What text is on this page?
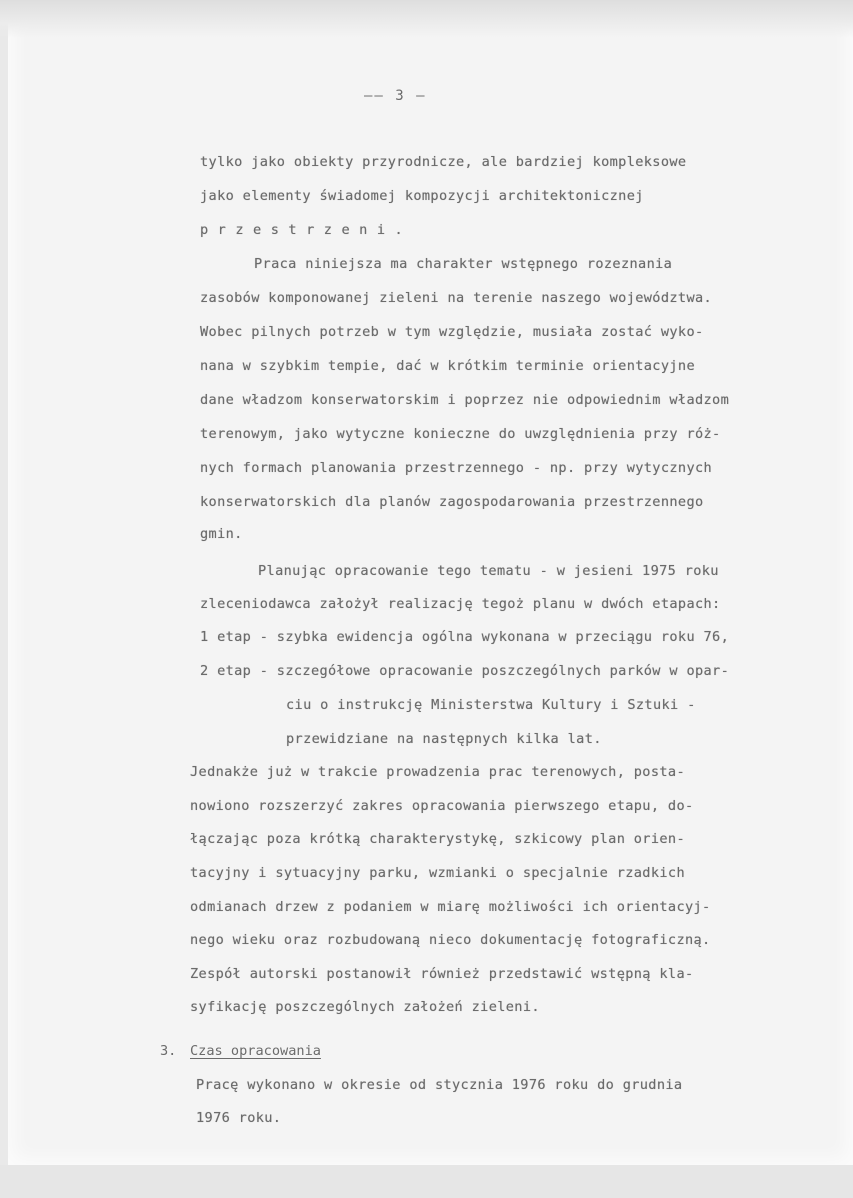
—— 3 —
tylko jako obiekty przyrodnicze, ale bardziej kompleksowe
jako elementy świadomej kompozycji architektonicznej
przestrzeni.
Praca niniejsza ma charakter wstępnego rozeznania
zasobów komponowanej zieleni na terenie naszego województwa.
Wobec pilnych potrzeb w tym względzie, musiała zostać wyko-
nana w szybkim tempie, dać w krótkim terminie orientacyjne
dane władzom konserwatorskim i poprzez nie odpowiednim władzom
terenowym, jako wytyczne konieczne do uwzględnienia przy róż-
nych formach planowania przestrzennego - np. przy wytycznych
konserwatorskich dla planów zagospodarowania przestrzennego
gmin.
Planując opracowanie tego tematu - w jesieni 1975 roku
zleceniodawca założył realizację tegoż planu w dwóch etapach:
1 etap - szybka ewidencja ogólna wykonana w przeciągu roku 76,
2 etap - szczegółowe opracowanie poszczególnych parków w opar-
ciu o instrukcję Ministerstwa Kultury i Sztuki -
przewidziane na następnych kilka lat.
Jednakże już w trakcie prowadzenia prac terenowych, posta-
nowiono rozszerzyć zakres opracowania pierwszego etapu, do-
łączając poza krótką charakterystykę, szkicowy plan orien-
tacyjny i sytuacyjny parku, wzmianki o specjalnie rzadkich
odmianach drzew z podaniem w miarę możliwości ich orientacyj-
nego wieku oraz rozbudowaną nieco dokumentację fotograficzną.
Zespół autorski postanowił również przedstawić wstępną kla-
syfikację poszczególnych założeń zieleni.
3. Czas opracowania
Pracę wykonano w okresie od stycznia 1976 roku do grudnia
1976 roku.
